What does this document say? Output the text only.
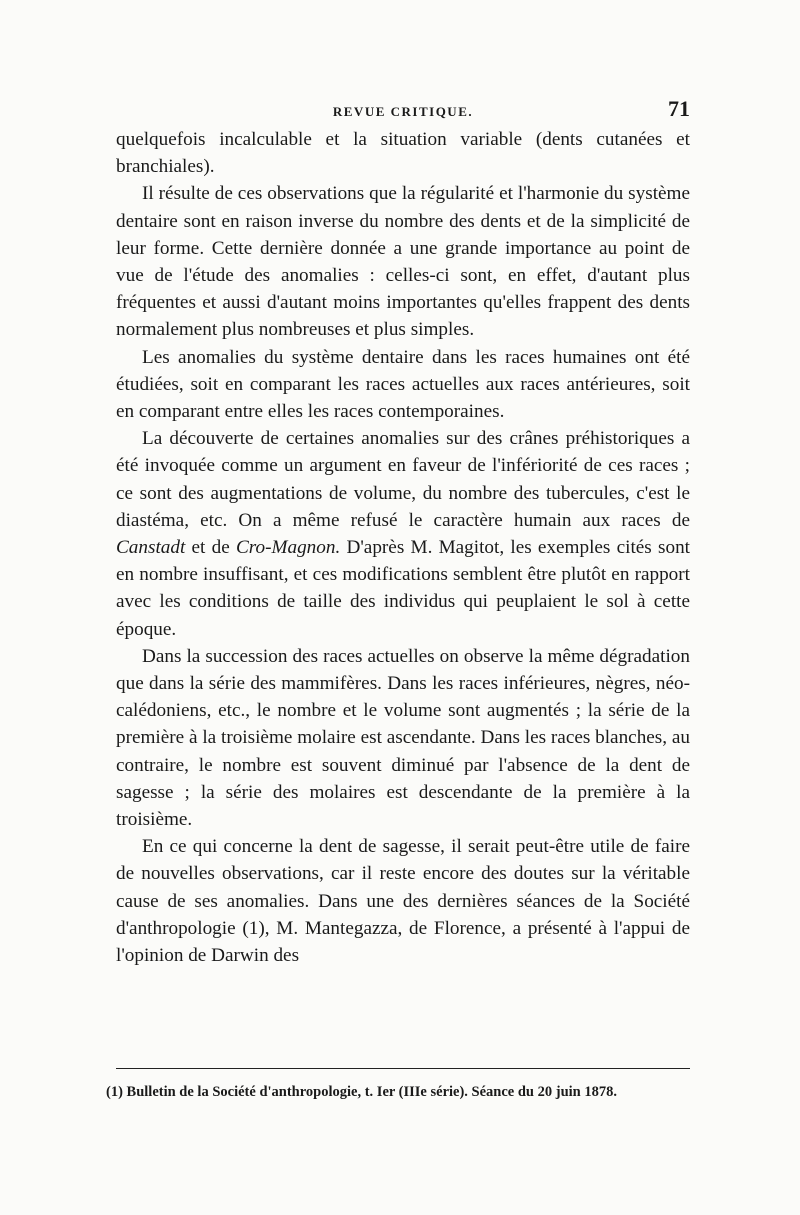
REVUE CRITIQUE.	71

quelquefois incalculable et la situation variable (dents cutanées et branchiales).

Il résulte de ces observations que la régularité et l'harmonie du système dentaire sont en raison inverse du nombre des dents et de la simplicité de leur forme. Cette dernière donnée a une grande importance au point de vue de l'étude des anomalies : celles-ci sont, en effet, d'autant plus fréquentes et aussi d'autant moins importantes qu'elles frappent des dents normalement plus nombreuses et plus simples.

Les anomalies du système dentaire dans les races humaines ont été étudiées, soit en comparant les races actuelles aux races antérieures, soit en comparant entre elles les races contemporaines.

La découverte de certaines anomalies sur des crânes préhistoriques a été invoquée comme un argument en faveur de l'infériorité de ces races ; ce sont des augmentations de volume, du nombre des tubercules, c'est le diastéma, etc. On a même refusé le caractère humain aux races de Canstadt et de Cro-Magnon. D'après M. Magitot, les exemples cités sont en nombre insuffisant, et ces modifications semblent être plutôt en rapport avec les conditions de taille des individus qui peuplaient le sol à cette époque.

Dans la succession des races actuelles on observe la même dégradation que dans la série des mammifères. Dans les races inférieures, nègres, néo-calédoniens, etc., le nombre et le volume sont augmentés ; la série de la première à la troisième molaire est ascendante. Dans les races blanches, au contraire, le nombre est souvent diminué par l'absence de la dent de sagesse ; la série des molaires est descendante de la première à la troisième.

En ce qui concerne la dent de sagesse, il serait peut-être utile de faire de nouvelles observations, car il reste encore des doutes sur la véritable cause de ses anomalies. Dans une des dernières séances de la Société d'anthropologie (1), M. Mantegazza, de Florence, a présenté à l'appui de l'opinion de Darwin des

(1) Bulletin de la Société d'anthropologie, t. Ier (IIIe série). Séance du 20 juin 1878.
